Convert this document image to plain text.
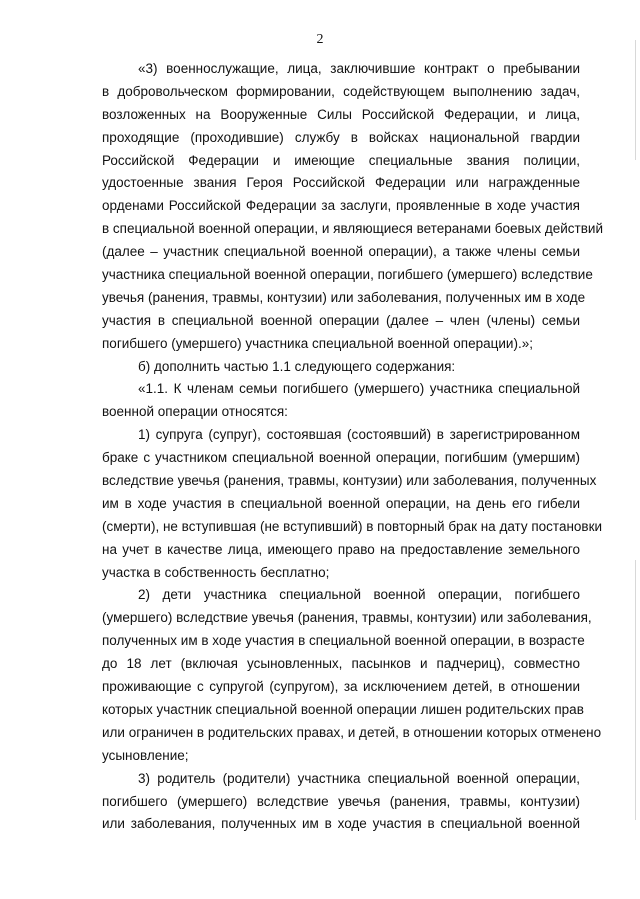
2
«3) военнослужащие, лица, заключившие контракт о пребывании
в добровольческом формировании, содействующем выполнению задач,
возложенных на Вооруженные Силы Российской Федерации, и лица,
проходящие (проходившие) службу в войсках национальной гвардии
Российской Федерации и имеющие специальные звания полиции,
удостоенные звания Героя Российской Федерации или награжденные
орденами Российской Федерации за заслуги, проявленные в ходе участия
в специальной военной операции, и являющиеся ветеранами боевых действий
(далее – участник специальной военной операции), а также члены семьи
участника специальной военной операции, погибшего (умершего) вследствие
увечья (ранения, травмы, контузии) или заболевания, полученных им в ходе
участия в специальной военной операции (далее – член (члены) семьи
погибшего (умершего) участника специальной военной операции).»;
б) дополнить частью 1.1 следующего содержания:
«1.1. К членам семьи погибшего (умершего) участника специальной
военной операции относятся:
1) супруга (супруг), состоявшая (состоявший) в зарегистрированном
браке с участником специальной военной операции, погибшим (умершим)
вследствие увечья (ранения, травмы, контузии) или заболевания, полученных
им в ходе участия в специальной военной операции, на день его гибели
(смерти), не вступившая (не вступивший) в повторный брак на дату постановки
на учет в качестве лица, имеющего право на предоставление земельного
участка в собственность бесплатно;
2) дети участника специальной военной операции, погибшего
(умершего) вследствие увечья (ранения, травмы, контузии) или заболевания,
полученных им в ходе участия в специальной военной операции, в возрасте
до 18 лет (включая усыновленных, пасынков и падчериц), совместно
проживающие с супругой (супругом), за исключением детей, в отношении
которых участник специальной военной операции лишен родительских прав
или ограничен в родительских правах, и детей, в отношении которых отменено
усыновление;
3) родитель (родители) участника специальной военной операции,
погибшего (умершего) вследствие увечья (ранения, травмы, контузии)
или заболевания, полученных им в ходе участия в специальной военной
